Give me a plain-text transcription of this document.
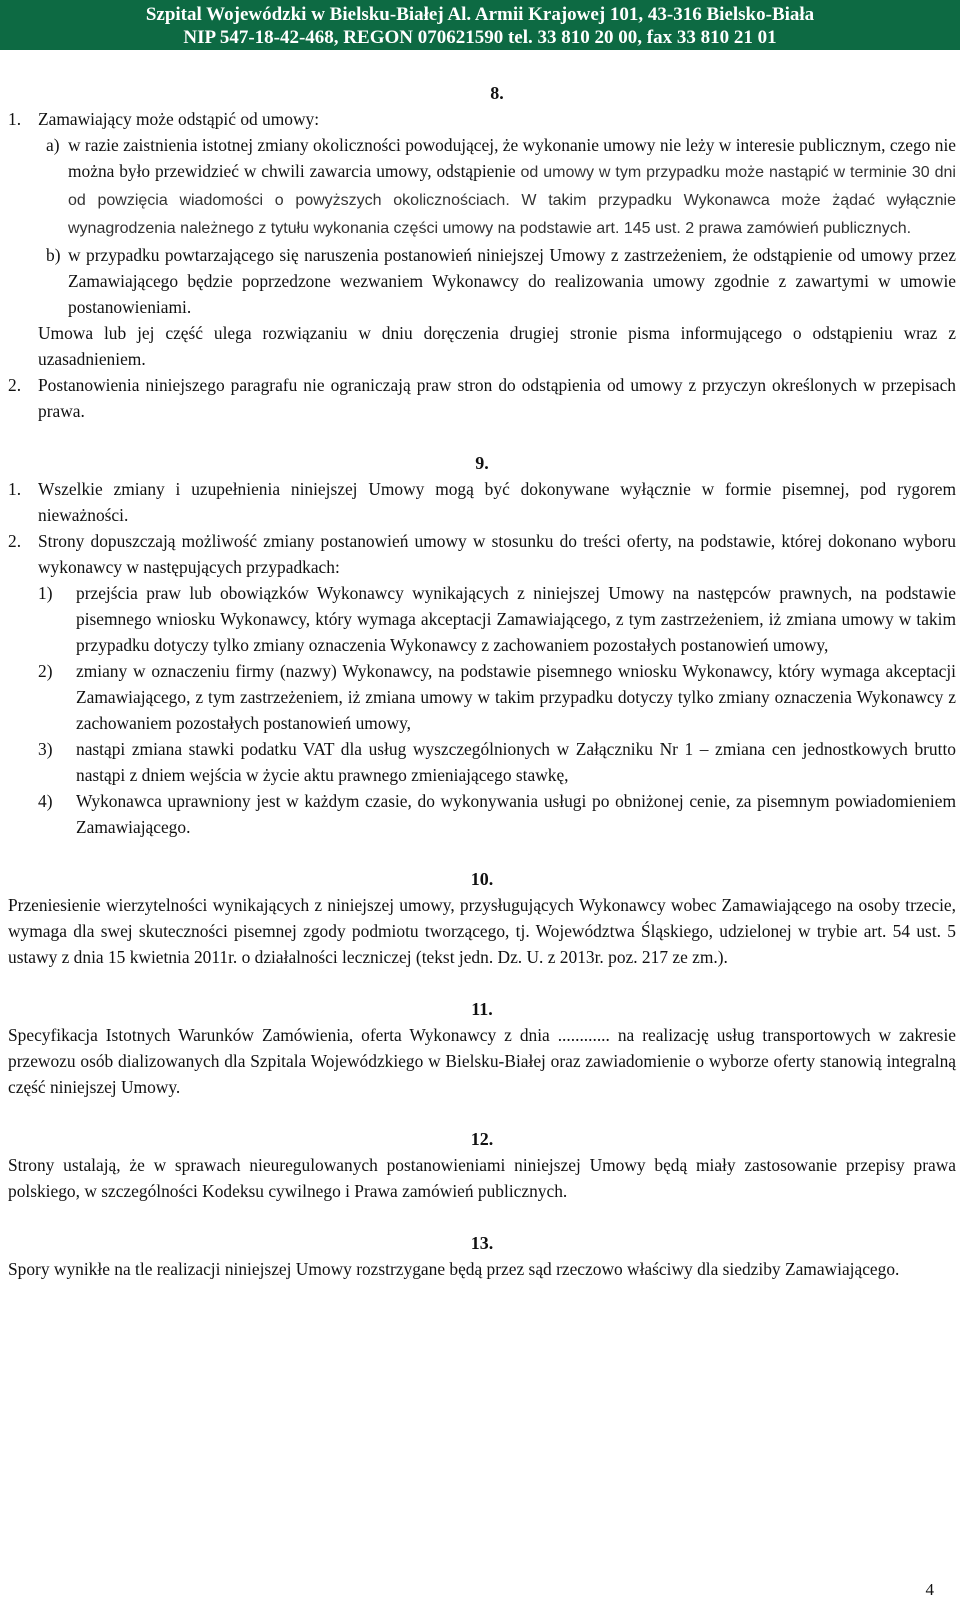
Szpital Wojewódzki w Bielsku-Białej Al. Armii Krajowej 101, 43-316 Bielsko-Biała
NIP 547-18-42-468, REGON 070621590 tel. 33 810 20 00, fax 33 810 21 01
8.
1. Zamawiający może odstąpić od umowy:
a) w razie zaistnienia istotnej zmiany okoliczności powodującej, że wykonanie umowy nie leży w interesie publicznym, czego nie można było przewidzieć w chwili zawarcia umowy, odstąpienie od umowy w tym przypadku może nastąpić w terminie 30 dni od powzięcia wiadomości o powyższych okolicznościach. W takim przypadku Wykonawca może żądać wyłącznie wynagrodzenia należnego z tytułu wykonania części umowy na podstawie art. 145 ust. 2 prawa zamówień publicznych.
b) w przypadku powtarzającego się naruszenia postanowień niniejszej Umowy z zastrzeżeniem, że odstąpienie od umowy przez Zamawiającego będzie poprzedzone wezwaniem Wykonawcy do realizowania umowy zgodnie z zawartymi w umowie postanowieniami.

Umowa lub jej część ulega rozwiązaniu w dniu doręczenia drugiej stronie pisma informującego o odstąpieniu wraz z uzasadnieniem.

2. Postanowienia niniejszego paragrafu nie ograniczają praw stron do odstąpienia od umowy z przyczyn określonych w przepisach prawa.
9.
1. Wszelkie zmiany i uzupełnienia niniejszej Umowy mogą być dokonywane wyłącznie w formie pisemnej, pod rygorem nieważności.
2. Strony dopuszczają możliwość zmiany postanowień umowy w stosunku do treści oferty, na podstawie, której dokonano wyboru wykonawcy w następujących przypadkach:
1) przejścia praw lub obowiązków Wykonawcy wynikających z niniejszej Umowy na następców prawnych, na podstawie pisemnego wniosku Wykonawcy, który wymaga akceptacji Zamawiającego, z tym zastrzeżeniem, iż zmiana umowy w takim przypadku dotyczy tylko zmiany oznaczenia Wykonawcy z zachowaniem pozostałych postanowień umowy,
2) zmiany w oznaczeniu firmy (nazwy) Wykonawcy, na podstawie pisemnego wniosku Wykonawcy, który wymaga akceptacji Zamawiającego, z tym zastrzeżeniem, iż zmiana umowy w takim przypadku dotyczy tylko zmiany oznaczenia Wykonawcy z zachowaniem pozostałych postanowień umowy,
3) nastąpi zmiana stawki podatku VAT dla usług wyszczególnionych w Załączniku Nr 1 – zmiana cen jednostkowych brutto nastąpi z dniem wejścia w życie aktu prawnego zmieniającego stawkę,
4) Wykonawca uprawniony jest w każdym czasie, do wykonywania usługi po obniżonej cenie, za pisemnym powiadomieniem Zamawiającego.
10.

Przeniesienie wierzytelności wynikających z niniejszej umowy, przysługujących Wykonawcy wobec Zamawiającego na osoby trzecie, wymaga dla swej skuteczności pisemnej zgody podmiotu tworzącego, tj. Województwa Śląskiego, udzielonej w trybie art. 54 ust. 5 ustawy z dnia 15 kwietnia 2011r. o działalności leczniczej (tekst jedn. Dz. U. z 2013r. poz. 217 ze zm.).

11.

Specyfikacja Istotnych Warunków Zamówienia, oferta Wykonawcy z dnia ............ na realizację usług transportowych w zakresie przewozu osób dializowanych dla Szpitala Wojewódzkiego w Bielsku-Białej oraz zawiadomienie o wyborze oferty stanowią integralną część niniejszej Umowy.

12.

Strony ustalają, że w sprawach nieuregulowanych postanowieniami niniejszej Umowy będą miały zastosowanie przepisy prawa polskiego, w szczególności Kodeksu cywilnego i Prawa zamówień publicznych.

13.

Spory wynikłe na tle realizacji niniejszej Umowy rozstrzygane będą przez sąd rzeczowo właściwy dla siedziby Zamawiającego.

4
